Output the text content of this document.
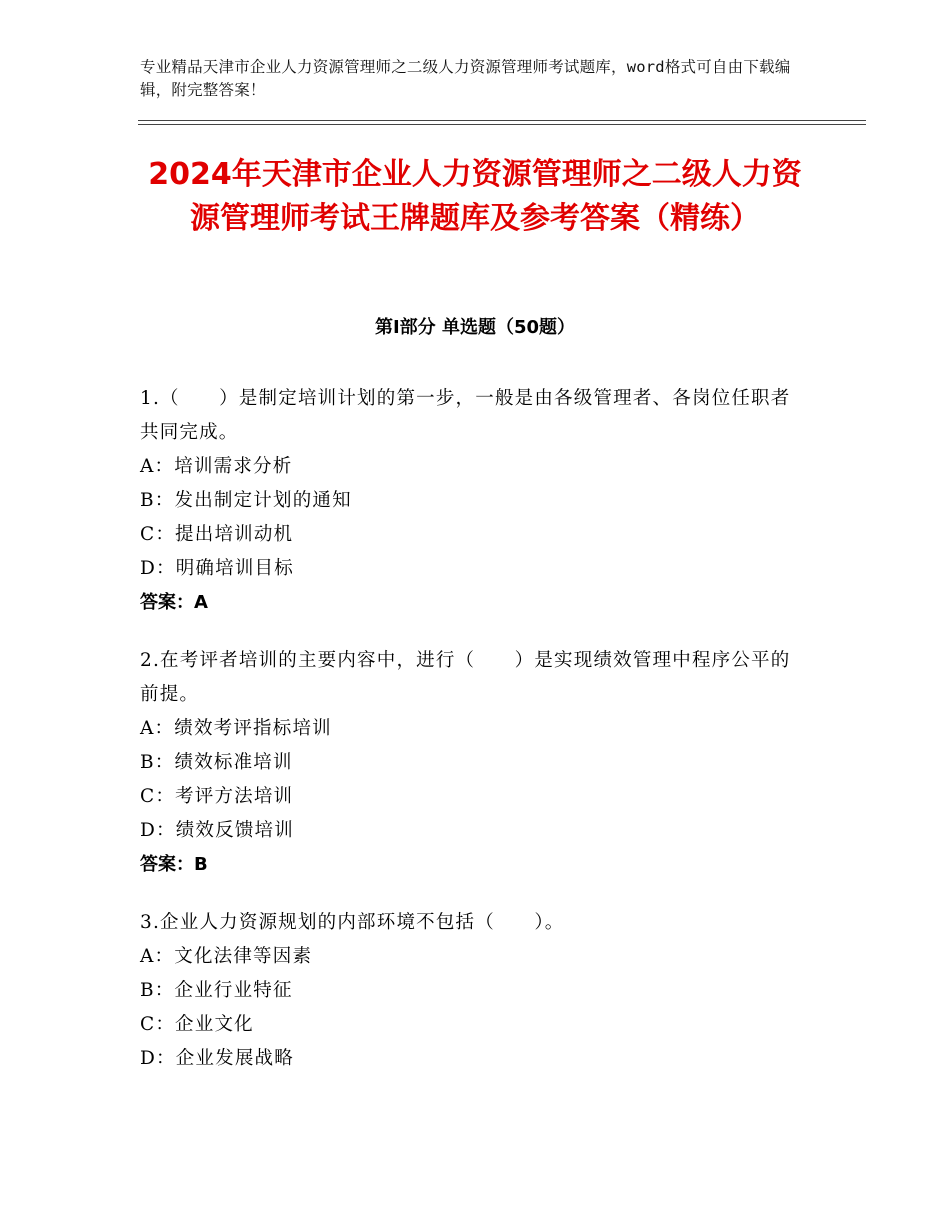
专业精品天津市企业人力资源管理师之二级人力资源管理师考试题库，word格式可自由下载编辑，附完整答案！
2024年天津市企业人力资源管理师之二级人力资源管理师考试王牌题库及参考答案（精练）
第Ⅰ部分 单选题（50题）

1.（　　）是制定培训计划的第一步，一般是由各级管理者、各岗位任职者共同完成。

A：培训需求分析

B：发出制定计划的通知

C：提出培训动机

D：明确培训目标

答案：A

2.在考评者培训的主要内容中，进行（　　）是实现绩效管理中程序公平的前提。

A：绩效考评指标培训

B：绩效标准培训

C：考评方法培训

D：绩效反馈培训

答案：B

3.企业人力资源规划的内部环境不包括（　　）。

A：文化法律等因素

B：企业行业特征

C：企业文化

D：企业发展战略
